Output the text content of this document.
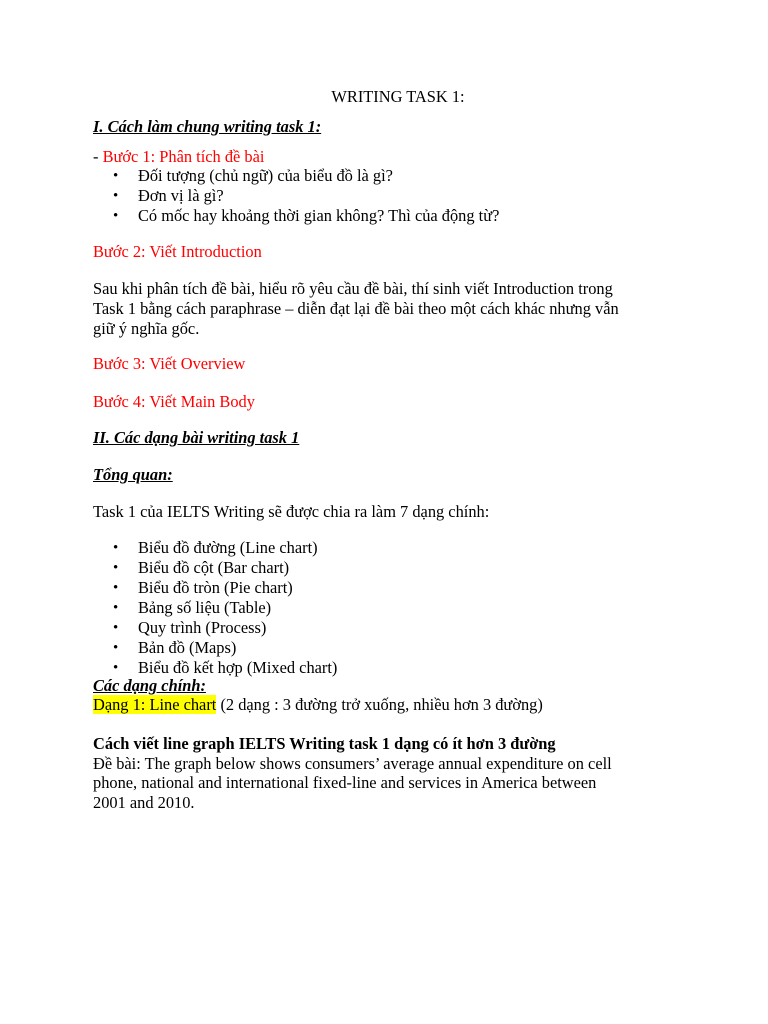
WRITING TASK 1:

I. Cách làm chung writing task 1:

- Bước 1: Phân tích đề bài

• Đối tượng (chủ ngữ) của biểu đồ là gì?
• Đơn vị là gì?
• Có mốc hay khoảng thời gian không? Thì của động từ?

Bước 2: Viết Introduction

Sau khi phân tích đề bài, hiểu rõ yêu cầu đề bài, thí sinh viết Introduction trong

Task 1 bằng cách paraphrase – diễn đạt lại đề bài theo một cách khác nhưng vẫn

giữ ý nghĩa gốc.

Bước 3: Viết Overview

Bước 4: Viết Main Body

II. Các dạng bài writing task 1

Tổng quan:

Task 1 của IELTS Writing sẽ được chia ra làm 7 dạng chính:

• Biểu đồ đường (Line chart)
• Biểu đồ cột (Bar chart)
• Biểu đồ tròn (Pie chart)
• Bảng số liệu (Table)
• Quy trình (Process)
• Bản đồ (Maps)
• Biểu đồ kết hợp (Mixed chart)

Các dạng chính:

Dạng 1: Line chart (2 dạng : 3 đường trở xuống, nhiều hơn 3 đường)

Cách viết line graph IELTS Writing task 1 dạng có ít hơn 3 đường

Đề bài: The graph below shows consumers’ average annual expenditure on cell

phone, national and international fixed-line and services in America between

2001 and 2010.
